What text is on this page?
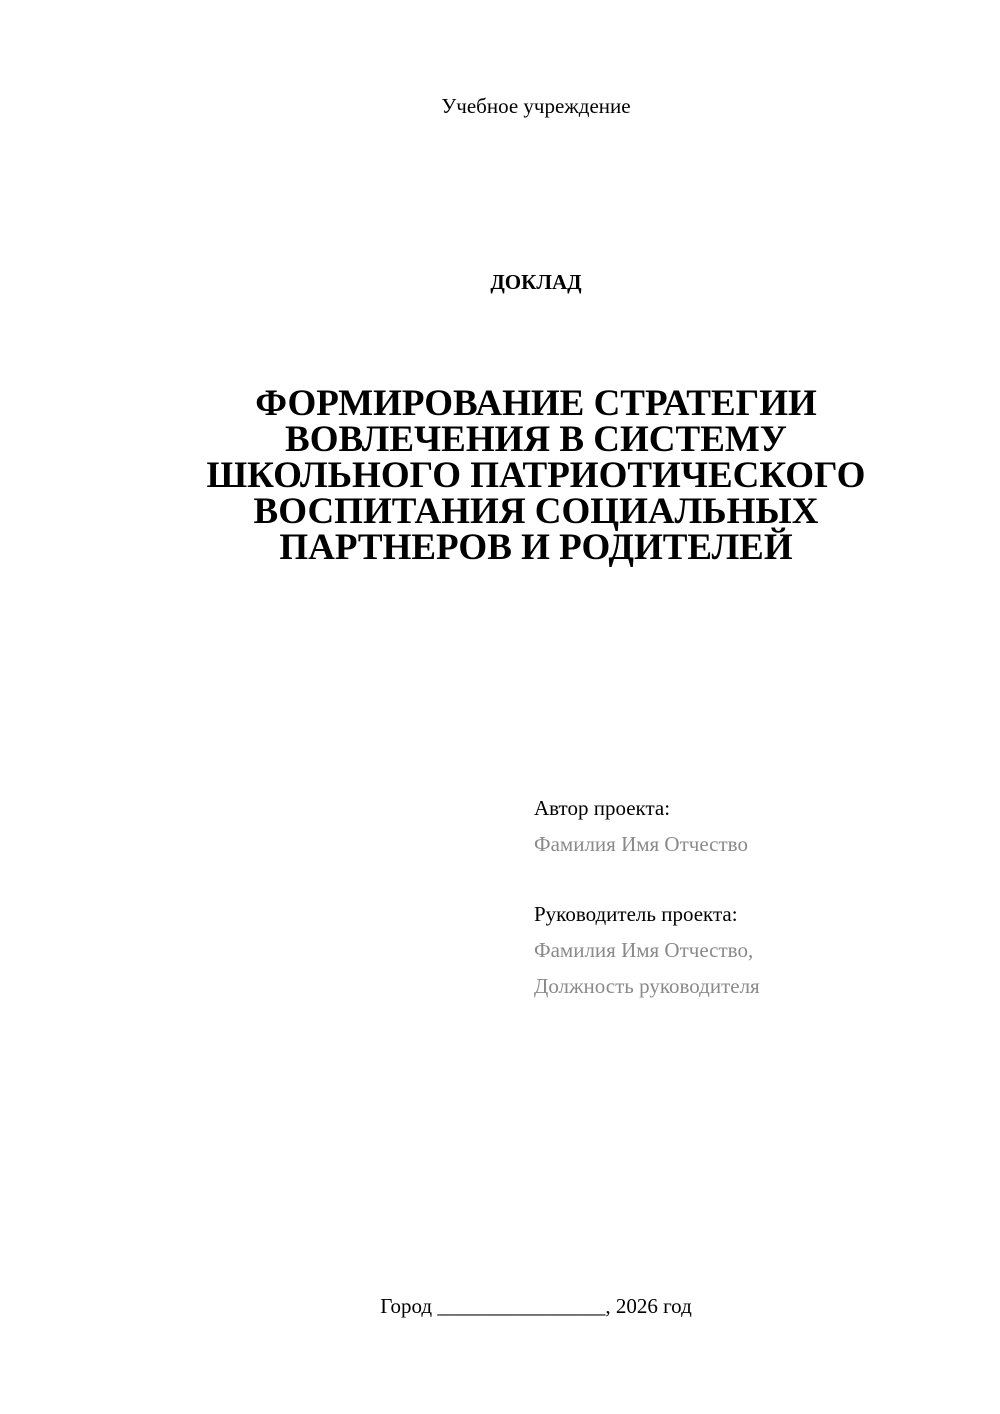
Учебное учреждение
ДОКЛАД
ФОРМИРОВАНИЕ СТРАТЕГИИ
ВОВЛЕЧЕНИЯ В СИСТЕМУ
ШКОЛЬНОГО ПАТРИОТИЧЕСКОГО
ВОСПИТАНИЯ СОЦИАЛЬНЫХ
ПАРТНЕРОВ И РОДИТЕЛЕЙ
Автор проекта:
Фамилия Имя Отчество
Руководитель проекта:
Фамилия Имя Отчество,
Должность руководителя
Город ________________, 2026 год
